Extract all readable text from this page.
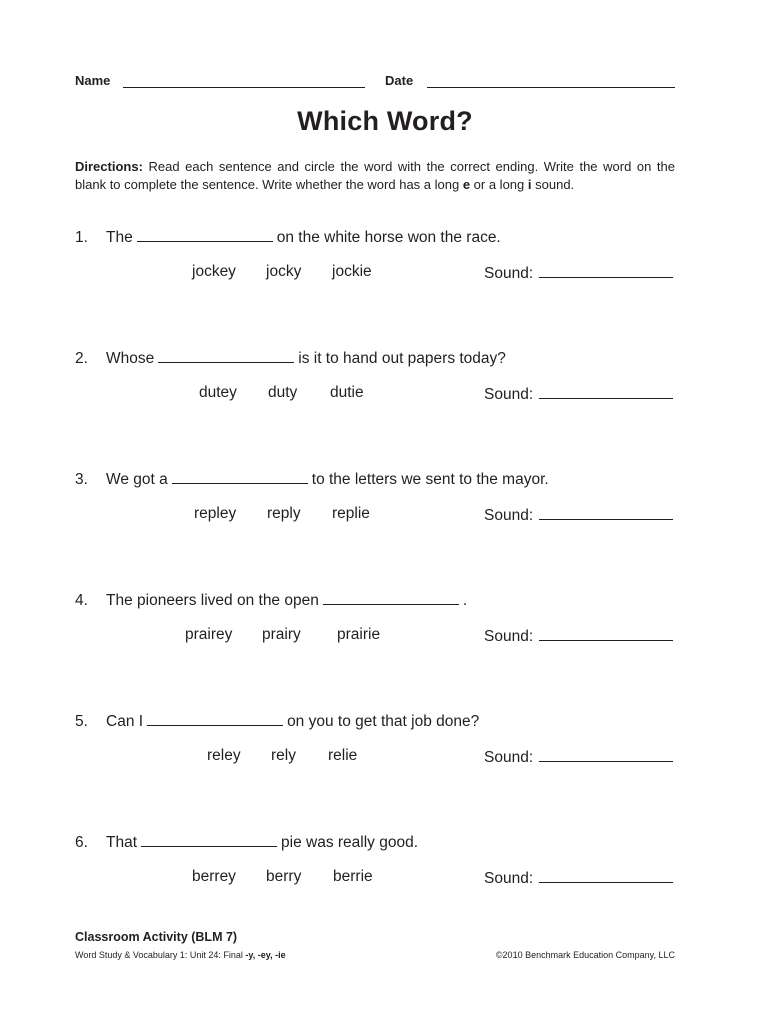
Name	Date
Which Word?
Directions: Read each sentence and circle the word with the correct ending. Write the word on the blank to complete the sentence. Write whether the word has a long e or a long i sound.
1. The	on the white horse won the race.
jockey jocky jockie	Sound:
2. Whose	is it to hand out papers today?
dutey duty dutie	Sound:
3. We got a	to the letters we sent to the mayor.
repley reply replie	Sound:
4. The pioneers lived on the open	.
prairey prairy prairie	Sound:
5. Can I	on you to get that job done?
reley rely relie	Sound:
6. That	pie was really good.
berrey berry berrie	Sound:
Classroom Activity (BLM 7)
Word Study & Vocabulary 1: Unit 24: Final -y, -ey, -ie	©2010 Benchmark Education Company, LLC
